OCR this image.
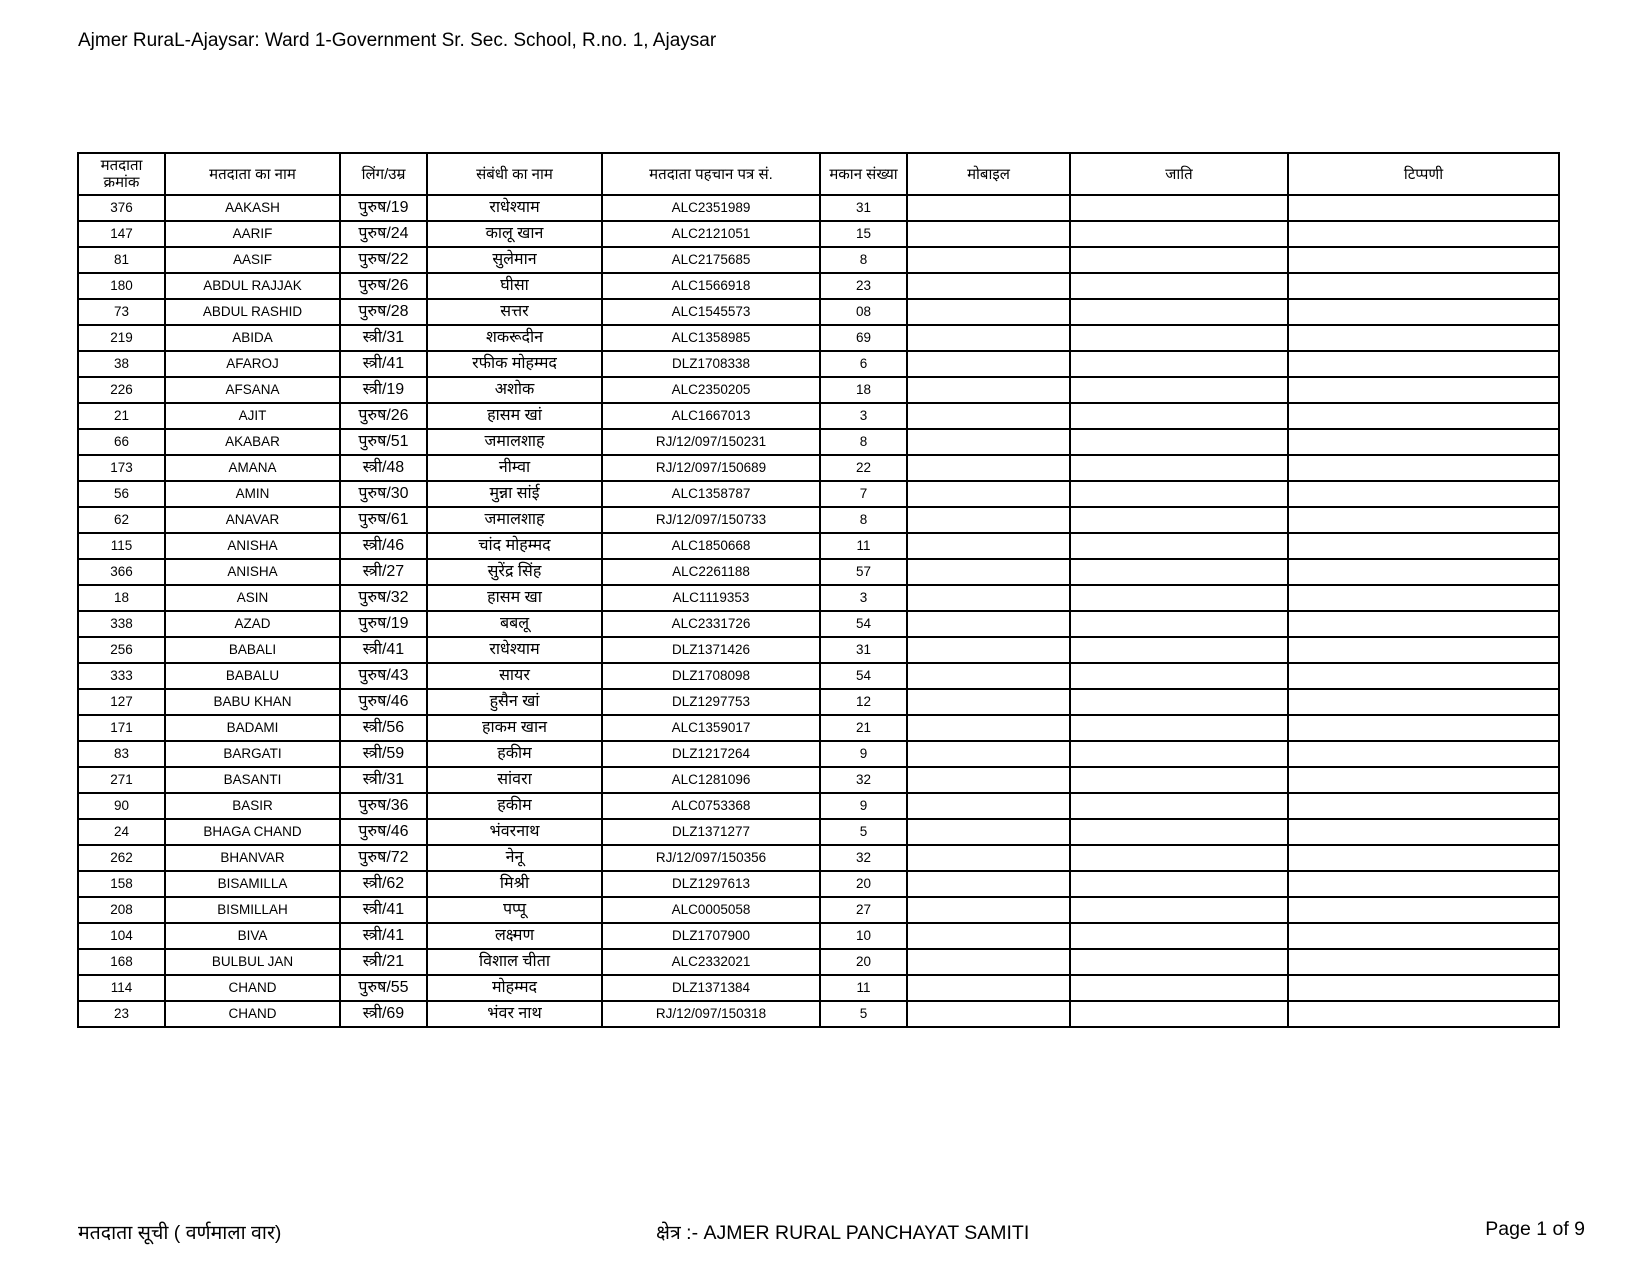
Ajmer RuraL-Ajaysar: Ward 1-Government Sr. Sec. School, R.no. 1, Ajaysar
मतदाता क्रमांक	मतदाता का नाम	लिंग/उम्र	संबंधी का नाम	मतदाता पहचान पत्र सं.	मकान संख्या	मोबाइल	जाति	टिप्पणी
376	AAKASH	पुरुष/19	राधेश्याम	ALC2351989	31			
147	AARIF	पुरुष/24	कालू खान	ALC2121051	15			
81	AASIF	पुरुष/22	सुलेमान	ALC2175685	8			
180	ABDUL RAJJAK	पुरुष/26	घीसा	ALC1566918	23			
73	ABDUL RASHID	पुरुष/28	सत्तर	ALC1545573	08			
219	ABIDA	स्त्री/31	शकरूदीन	ALC1358985	69			
38	AFAROJ	स्त्री/41	रफीक मोहम्मद	DLZ1708338	6			
226	AFSANA	स्त्री/19	अशोक	ALC2350205	18			
21	AJIT	पुरुष/26	हासम खां	ALC1667013	3			
66	AKABAR	पुरुष/51	जमालशाह	RJ/12/097/150231	8			
173	AMANA	स्त्री/48	नीम्वा	RJ/12/097/150689	22			
56	AMIN	पुरुष/30	मुन्ना सांई	ALC1358787	7			
62	ANAVAR	पुरुष/61	जमालशाह	RJ/12/097/150733	8			
115	ANISHA	स्त्री/46	चांद मोहम्मद	ALC1850668	11			
366	ANISHA	स्त्री/27	सुरेंद्र सिंह	ALC2261188	57			
18	ASIN	पुरुष/32	हासम खा	ALC1119353	3			
338	AZAD	पुरुष/19	बबलू	ALC2331726	54			
256	BABALI	स्त्री/41	राधेश्याम	DLZ1371426	31			
333	BABALU	पुरुष/43	सायर	DLZ1708098	54			
127	BABU KHAN	पुरुष/46	हुसैन खां	DLZ1297753	12			
171	BADAMI	स्त्री/56	हाकम खान	ALC1359017	21			
83	BARGATI	स्त्री/59	हकीम	DLZ1217264	9			
271	BASANTI	स्त्री/31	सांवरा	ALC1281096	32			
90	BASIR	पुरुष/36	हकीम	ALC0753368	9			
24	BHAGA CHAND	पुरुष/46	भंवरनाथ	DLZ1371277	5			
262	BHANVAR	पुरुष/72	नेनू	RJ/12/097/150356	32			
158	BISAMILLA	स्त्री/62	मिश्री	DLZ1297613	20			
208	BISMILLAH	स्त्री/41	पप्पू	ALC0005058	27			
104	BIVA	स्त्री/41	लक्ष्मण	DLZ1707900	10			
168	BULBUL JAN	स्त्री/21	विशाल चीता	ALC2332021	20			
114	CHAND	पुरुष/55	मोहम्मद	DLZ1371384	11			
23	CHAND	स्त्री/69	भंवर नाथ	RJ/12/097/150318	5			
मतदाता सूची ( वर्णमाला वार)	क्षेत्र :- AJMER RURAL PANCHAYAT SAMITI	Page 1 of 9
